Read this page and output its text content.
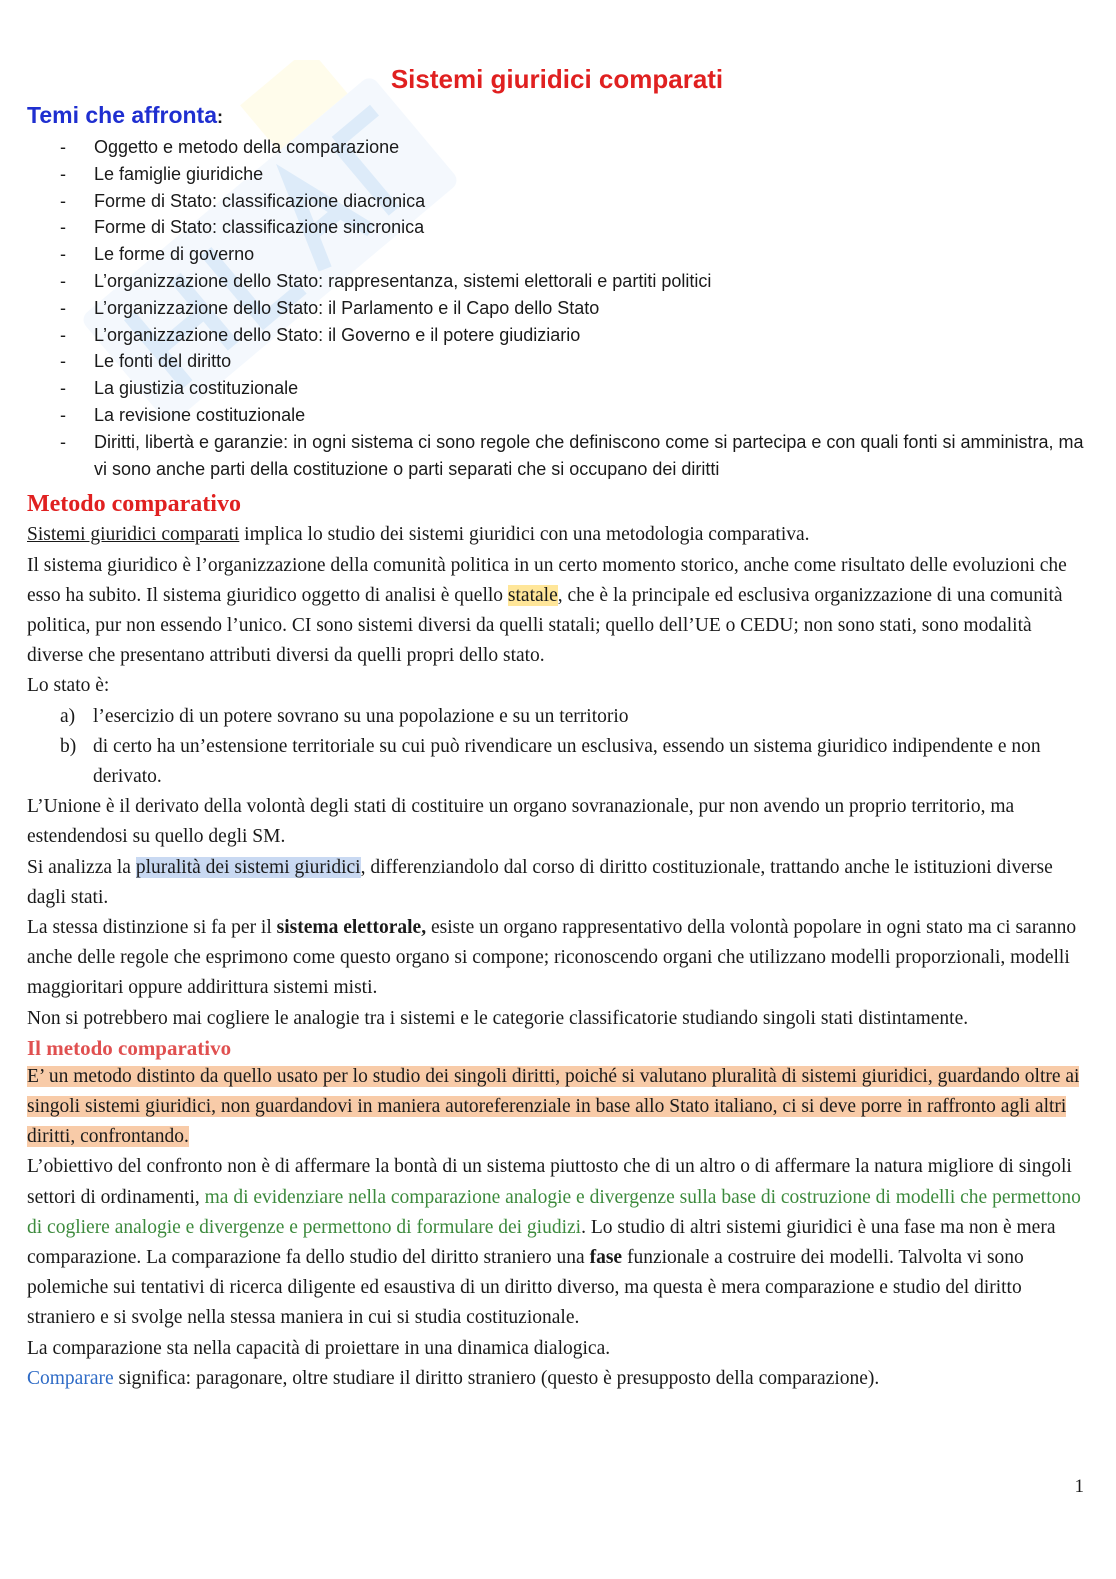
Sistemi giuridici comparati
Temi che affronta:
- Oggetto e metodo della comparazione
- Le famiglie giuridiche
- Forme di Stato: classificazione diacronica
- Forme di Stato: classificazione sincronica
- Le forme di governo
- L’organizzazione dello Stato: rappresentanza, sistemi elettorali e partiti politici
- L’organizzazione dello Stato: il Parlamento e il Capo dello Stato
- L’organizzazione dello Stato: il Governo e il potere giudiziario
- Le fonti del diritto
- La giustizia costituzionale
- La revisione costituzionale
- Diritti, libertà e garanzie: in ogni sistema ci sono regole che definiscono come si partecipa e con quali fonti si amministra, ma vi sono anche parti della costituzione o parti separati che si occupano dei diritti
Metodo comparativo

Sistemi giuridici comparati implica lo studio dei sistemi giuridici con una metodologia comparativa.

Il sistema giuridico è l’organizzazione della comunità politica in un certo momento storico, anche come risultato delle evoluzioni che esso ha subito. Il sistema giuridico oggetto di analisi è quello statale, che è la principale ed esclusiva organizzazione di una comunità politica, pur non essendo l’unico. CI sono sistemi diversi da quelli statali; quello dell’UE o CEDU; non sono stati, sono modalità diverse che presentano attributi diversi da quelli propri dello stato.

Lo stato è:

a) l’esercizio di un potere sovrano su una popolazione e su un territorio
b) di certo ha un’estensione territoriale su cui può rivendicare un esclusiva, essendo un sistema giuridico indipendente e non derivato.

L’Unione è il derivato della volontà degli stati di costituire un organo sovranazionale, pur non avendo un proprio territorio, ma estendendosi su quello degli SM.

Si analizza la pluralità dei sistemi giuridici, differenziandolo dal corso di diritto costituzionale, trattando anche le istituzioni diverse dagli stati.

La stessa distinzione si fa per il sistema elettorale, esiste un organo rappresentativo della volontà popolare in ogni stato ma ci saranno anche delle regole che esprimono come questo organo si compone; riconoscendo organi che utilizzano modelli proporzionali, modelli maggioritari oppure addirittura sistemi misti.

Non si potrebbero mai cogliere le analogie tra i sistemi e le categorie classificatorie studiando singoli stati distintamente.

Il metodo comparativo

E’ un metodo distinto da quello usato per lo studio dei singoli diritti, poiché si valutano pluralità di sistemi giuridici, guardando oltre ai singoli sistemi giuridici, non guardandovi in maniera autoreferenziale in base allo Stato italiano, ci si deve porre in raffronto agli altri diritti, confrontando.

L’obiettivo del confronto non è di affermare la bontà di un sistema piuttosto che di un altro o di affermare la natura migliore di singoli settori di ordinamenti, ma di evidenziare nella comparazione analogie e divergenze sulla base di costruzione di modelli che permettono di cogliere analogie e divergenze e permettono di formulare dei giudizi. Lo studio di altri sistemi giuridici è una fase ma non è mera comparazione. La comparazione fa dello studio del diritto straniero una fase funzionale a costruire dei modelli. Talvolta vi sono polemiche sui tentativi di ricerca diligente ed esaustiva di un diritto diverso, ma questa è mera comparazione e studio del diritto straniero e si svolge nella stessa maniera in cui si studia costituzionale.

La comparazione sta nella capacità di proiettare in una dinamica dialogica.

Comparare significa: paragonare, oltre studiare il diritto straniero (questo è presupposto della comparazione).

1
